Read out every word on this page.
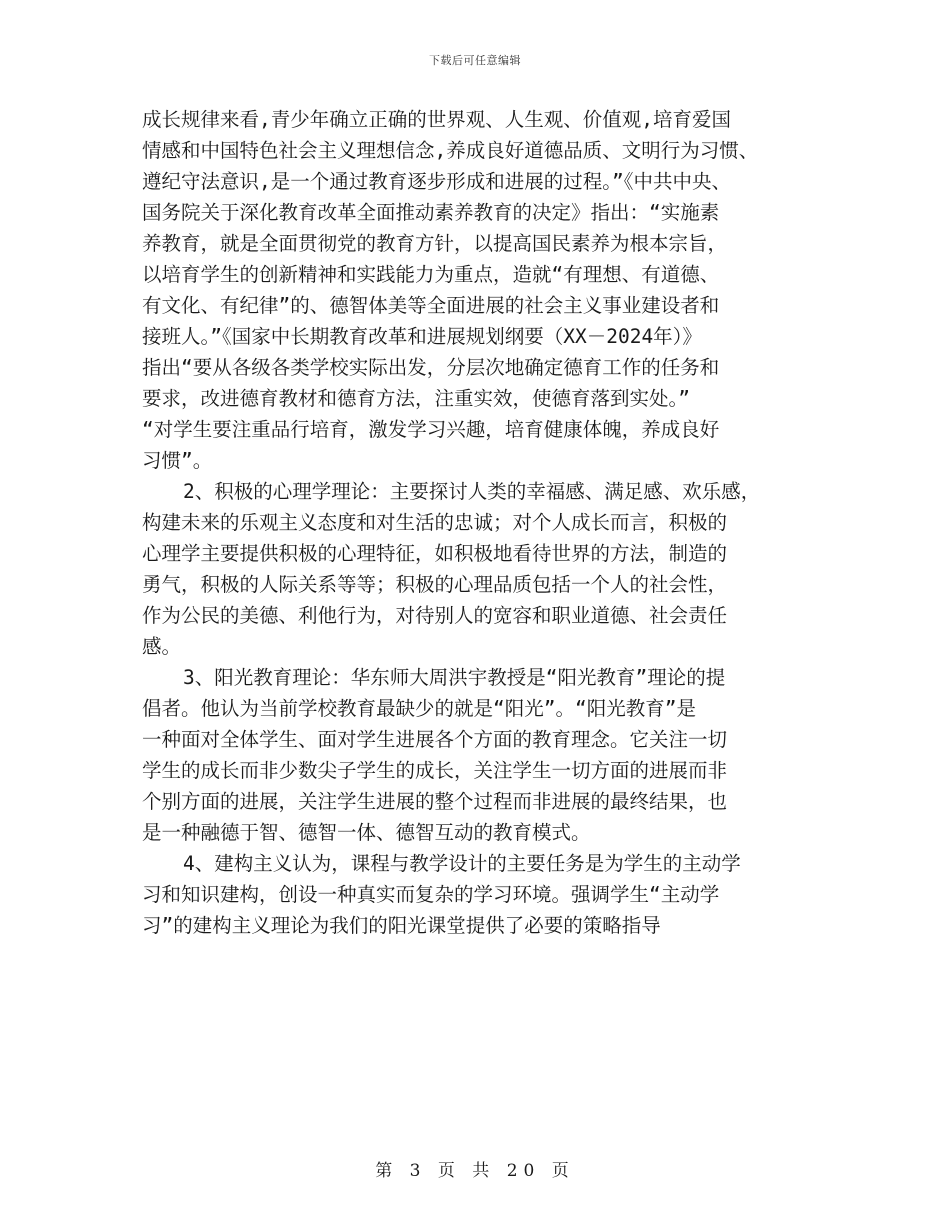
下载后可任意编辑
成长规律来看,青少年确立正确的世界观、人生观、价值观,培育爱国
情感和中国特色社会主义理想信念,养成良好道德品质、文明行为习惯、
遵纪守法意识,是一个通过教育逐步形成和进展的过程。”《中共中央、
国务院关于深化教育改革全面推动素养教育的决定》指出：“实施素
养教育，就是全面贯彻党的教育方针，以提高国民素养为根本宗旨，
以培育学生的创新精神和实践能力为重点，造就“有理想、有道德、
有文化、有纪律”的、德智体美等全面进展的社会主义事业建设者和
接班人。”《国家中长期教育改革和进展规划纲要（XX－2024年）》
指出“要从各级各类学校实际出发，分层次地确定德育工作的任务和
要求，改进德育教材和德育方法，注重实效，使德育落到实处。”
“对学生要注重品行培育，激发学习兴趣，培育健康体魄，养成良好
习惯”。
2、积极的心理学理论：主要探讨人类的幸福感、满足感、欢乐感，
构建未来的乐观主义态度和对生活的忠诚；对个人成长而言，积极的
心理学主要提供积极的心理特征，如积极地看待世界的方法，制造的
勇气，积极的人际关系等等；积极的心理品质包括一个人的社会性，
作为公民的美德、利他行为，对待别人的宽容和职业道德、社会责任
感。
3、阳光教育理论：华东师大周洪宇教授是“阳光教育”理论的提
倡者。他认为当前学校教育最缺少的就是“阳光”。“阳光教育”是
一种面对全体学生、面对学生进展各个方面的教育理念。它关注一切
学生的成长而非少数尖子学生的成长，关注学生一切方面的进展而非
个别方面的进展，关注学生进展的整个过程而非进展的最终结果，也
是一种融德于智、德智一体、德智互动的教育模式。
4、建构主义认为，课程与教学设计的主要任务是为学生的主动学
习和知识建构，创设一种真实而复杂的学习环境。强调学生“主动学
习”的建构主义理论为我们的阳光课堂提供了必要的策略指导
第 3 页 共 20 页
